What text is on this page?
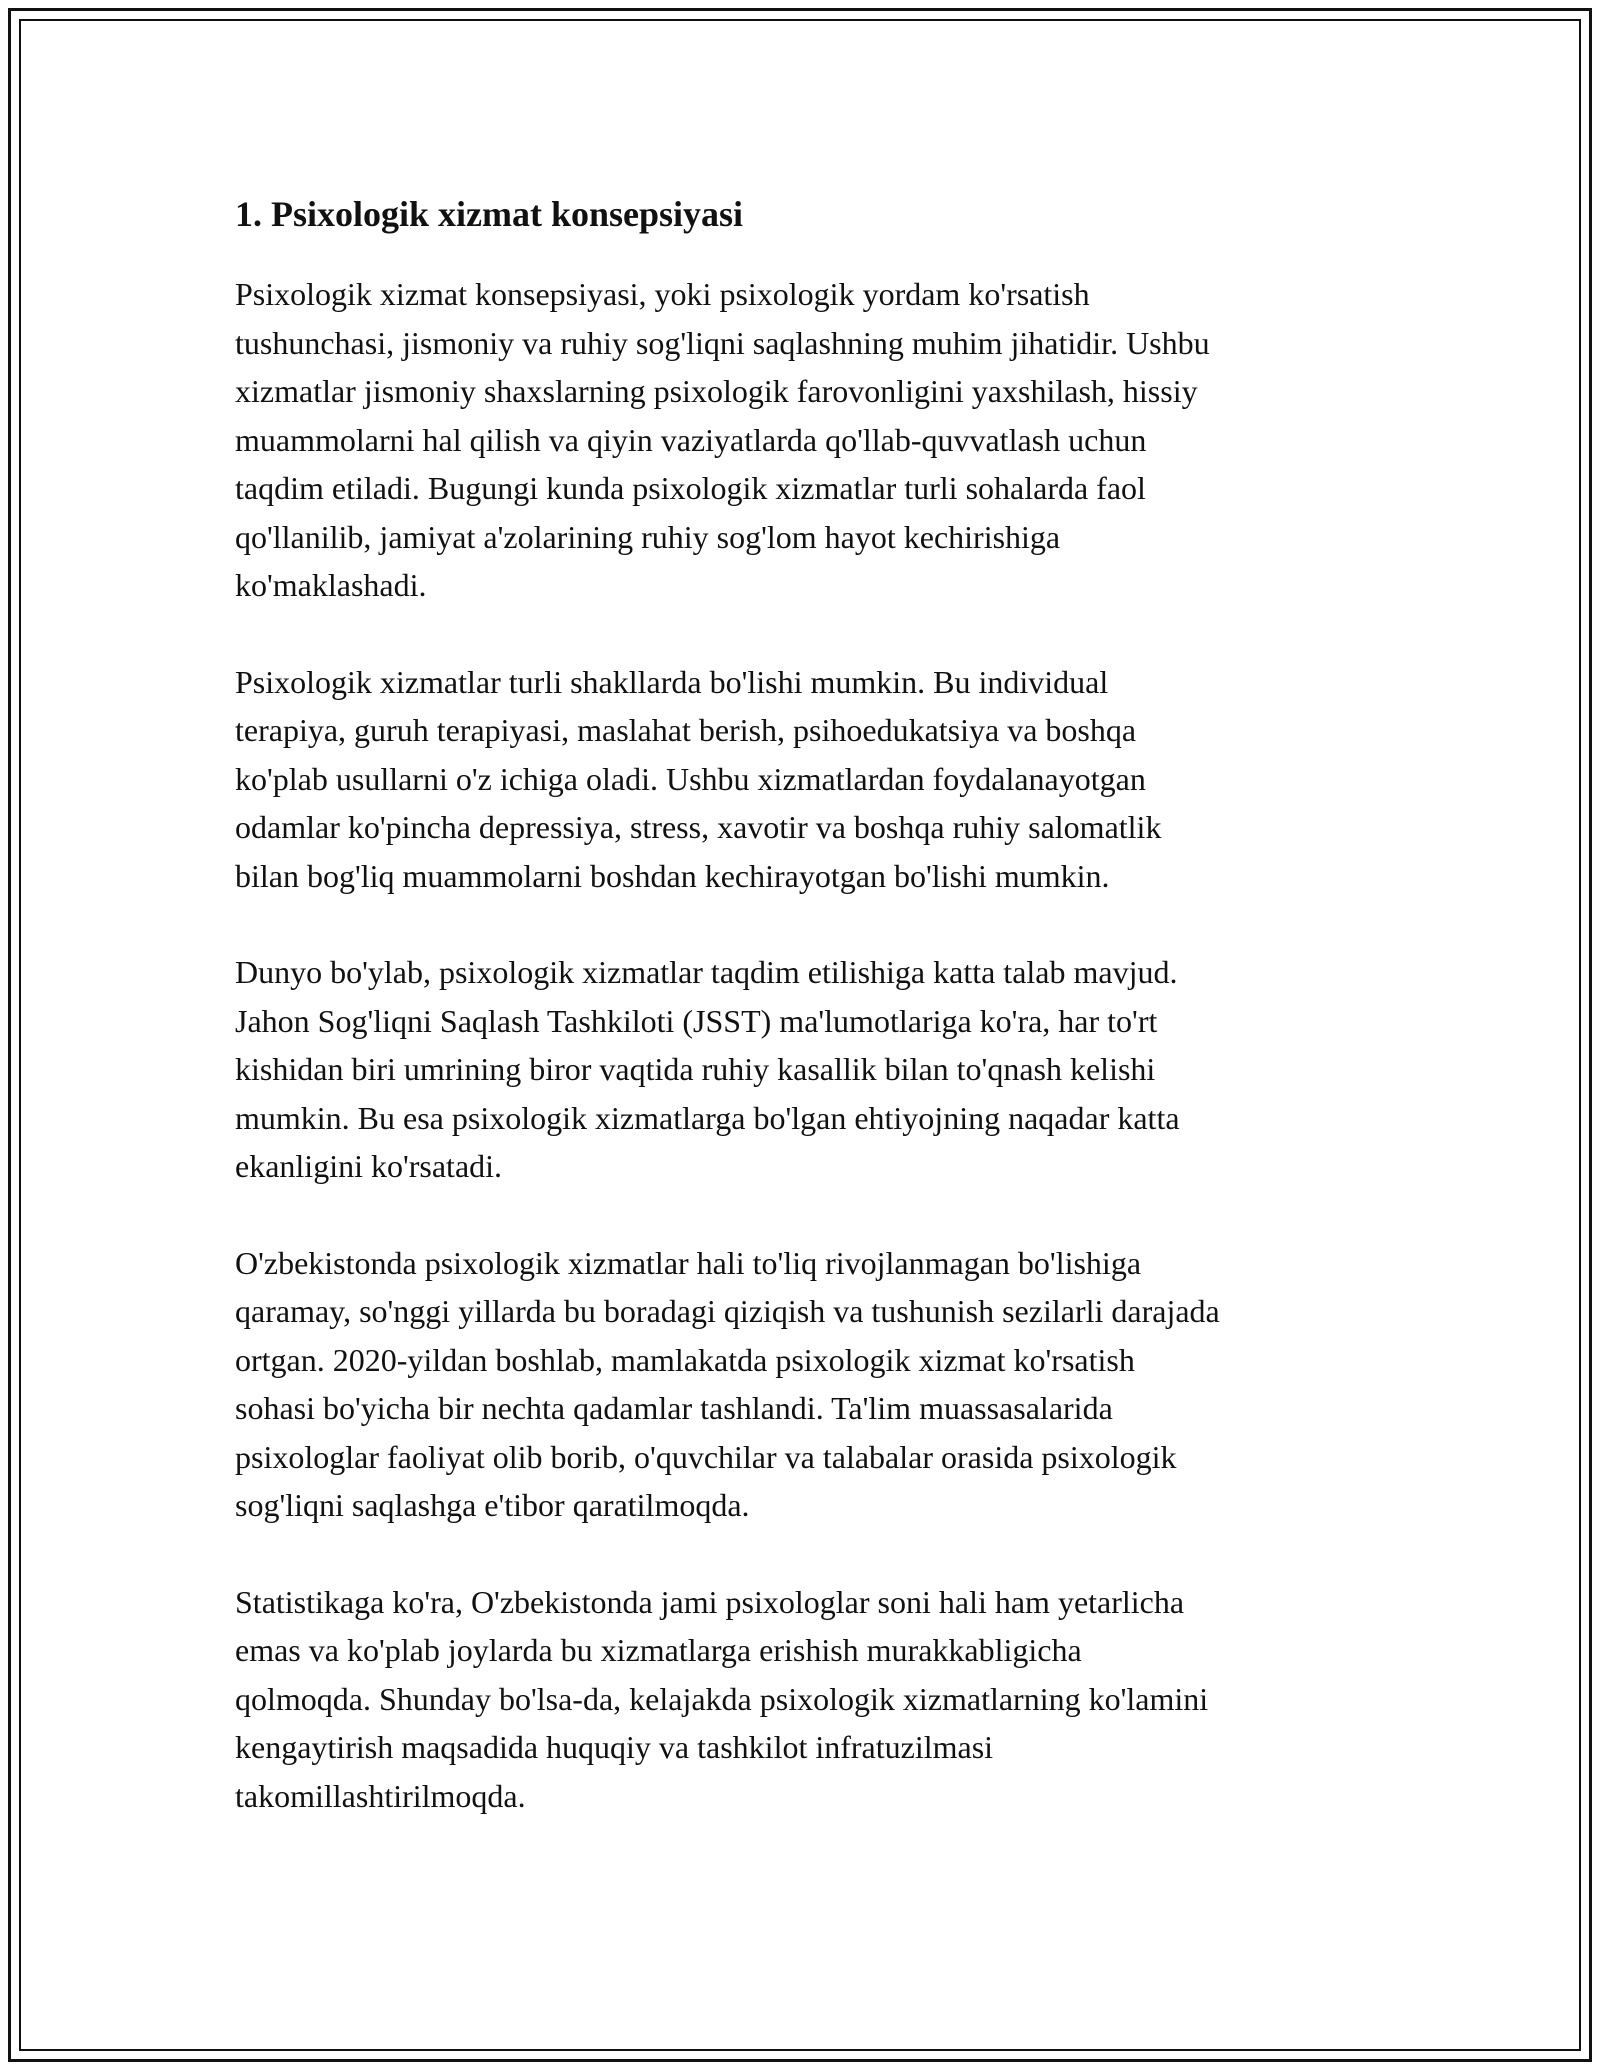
1. Psixologik xizmat konsepsiyasi

Psixologik xizmat konsepsiyasi, yoki psixologik yordam ko'rsatish
tushunchasi, jismoniy va ruhiy sog'liqni saqlashning muhim jihatidir. Ushbu
xizmatlar jismoniy shaxslarning psixologik farovonligini yaxshilash, hissiy
muammolarni hal qilish va qiyin vaziyatlarda qo'llab-quvvatlash uchun
taqdim etiladi. Bugungi kunda psixologik xizmatlar turli sohalarda faol
qo'llanilib, jamiyat a'zolarining ruhiy sog'lom hayot kechirishiga
ko'maklashadi.

Psixologik xizmatlar turli shakllarda bo'lishi mumkin. Bu individual
terapiya, guruh terapiyasi, maslahat berish, psihoedukatsiya va boshqa
ko'plab usullarni o'z ichiga oladi. Ushbu xizmatlardan foydalanayotgan
odamlar ko'pincha depressiya, stress, xavotir va boshqa ruhiy salomatlik
bilan bog'liq muammolarni boshdan kechirayotgan bo'lishi mumkin.

Dunyo bo'ylab, psixologik xizmatlar taqdim etilishiga katta talab mavjud.
Jahon Sog'liqni Saqlash Tashkiloti (JSST) ma'lumotlariga ko'ra, har to'rt
kishidan biri umrining biror vaqtida ruhiy kasallik bilan to'qnash kelishi
mumkin. Bu esa psixologik xizmatlarga bo'lgan ehtiyojning naqadar katta
ekanligini ko'rsatadi.

O'zbekistonda psixologik xizmatlar hali to'liq rivojlanmagan bo'lishiga
qaramay, so'nggi yillarda bu boradagi qiziqish va tushunish sezilarli darajada
ortgan. 2020-yildan boshlab, mamlakatda psixologik xizmat ko'rsatish
sohasi bo'yicha bir nechta qadamlar tashlandi. Ta'lim muassasalarida
psixologlar faoliyat olib borib, o'quvchilar va talabalar orasida psixologik
sog'liqni saqlashga e'tibor qaratilmoqda.

Statistikaga ko'ra, O'zbekistonda jami psixologlar soni hali ham yetarlicha
emas va ko'plab joylarda bu xizmatlarga erishish murakkabligicha
qolmoqda. Shunday bo'lsa-da, kelajakda psixologik xizmatlarning ko'lamini
kengaytirish maqsadida huquqiy va tashkilot infratuzilmasi
takomillashtirilmoqda.
